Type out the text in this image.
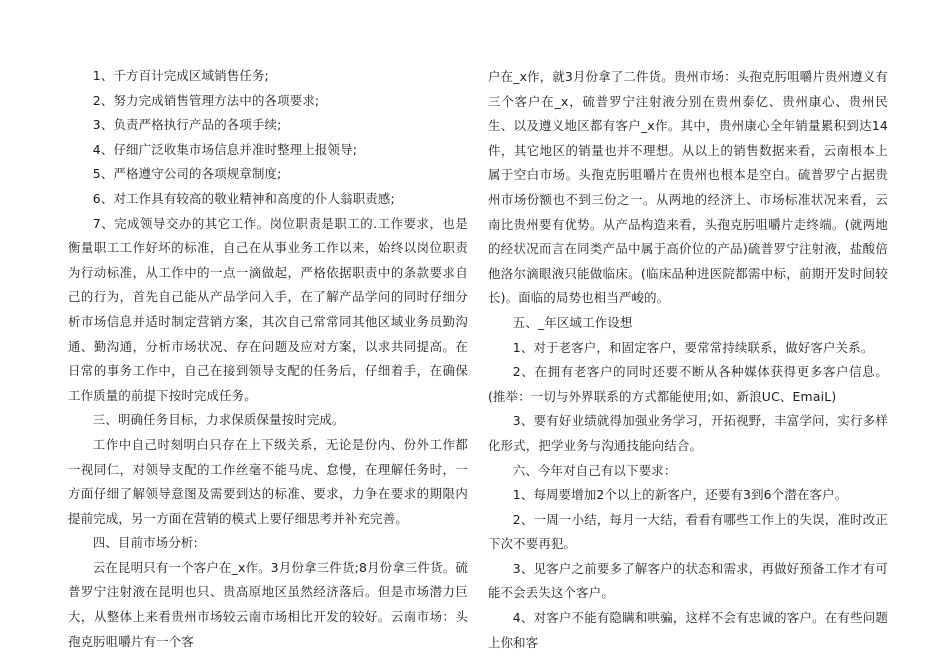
1、千方百计完成区域销售任务;

2、努力完成销售管理方法中的各项要求;

3、负责严格执行产品的各项手续;

4、仔细广泛收集市场信息并准时整理上报领导;

5、严格遵守公司的各项规章制度;

6、对工作具有较高的敬业精神和高度的仆人翁职责感;

7、完成领导交办的其它工作。岗位职责是职工的.工作要求，也是衡量职工工作好坏的标准，自己在从事业务工作以来，始终以岗位职责为行动标准，从工作中的一点一滴做起，严格依据职责中的条款要求自己的行为，首先自己能从产品学问入手，在了解产品学问的同时仔细分析市场信息并适时制定营销方案，其次自己常常同其他区域业务员勤沟通、勤沟通，分析市场状况、存在问题及应对方案，以求共同提高。在日常的事务工作中，自己在接到领导支配的任务后，仔细着手，在确保工作质量的前提下按时完成任务。

三、明确任务目标，力求保质保量按时完成。

工作中自己时刻明白只存在上下级关系，无论是份内、份外工作都一视同仁，对领导支配的工作丝毫不能马虎、怠慢，在理解任务时，一方面仔细了解领导意图及需要到达的标准、要求，力争在要求的期限内提前完成，另一方面在营销的模式上要仔细思考并补充完善。

四、目前市场分析:

云在昆明只有一个客户在_x作。3月份拿三件货;8月份拿三件货。硫普罗宁注射液在昆明也只、贵高原地区虽然经济落后。但是市场潜力巨大，从整体上来看贵州市场较云南市场相比开发的较好。云南市场：头孢克肟咀嚼片有一个客

户在_x作，就3月份拿了二件货。贵州市场：头孢克肟咀嚼片贵州遵义有三个客户在_x，硫普罗宁注射液分别在贵州泰亿、贵州康心、贵州民生、以及遵义地区都有客户_x作。其中，贵州康心全年销量累积到达14件，其它地区的销量也并不理想。从以上的销售数据来看，云南根本上属于空白市场。头孢克肟咀嚼片在贵州也根本是空白。硫普罗宁占据贵州市场份额也不到三份之一。从两地的经济上、市场标准状况来看，云南比贵州要有优势。从产品构造来看，头孢克肟咀嚼片走终端。(就两地的经状况而言在同类产品中属于高价位的产品)硫普罗宁注射液，盐酸倍他洛尔滴眼液只能做临床。(临床品种进医院都需中标，前期开发时间较长)。面临的局势也相当严峻的。

五、_年区域工作设想

1、对于老客户，和固定客户，要常常持续联系，做好客户关系。

2、在拥有老客户的同时还要不断从各种媒体获得更多客户信息。(推举：一切与外界联系的方式都能使用;如、新浪UC、EmaiL)

3、要有好业绩就得加强业务学习，开拓视野，丰富学问，实行多样化形式，把学业务与沟通技能向结合。

六、今年对自己有以下要求：

1、每周要增加2个以上的新客户，还要有3到6个潜在客户。

2、一周一小结，每月一大结，看看有哪些工作上的失误，准时改正下次不要再犯。

3、见客户之前要多了解客户的状态和需求，再做好预备工作才有可能不会丢失这个客户。

4、对客户不能有隐瞒和哄骗，这样不会有忠诚的客户。在有些问题上你和客
